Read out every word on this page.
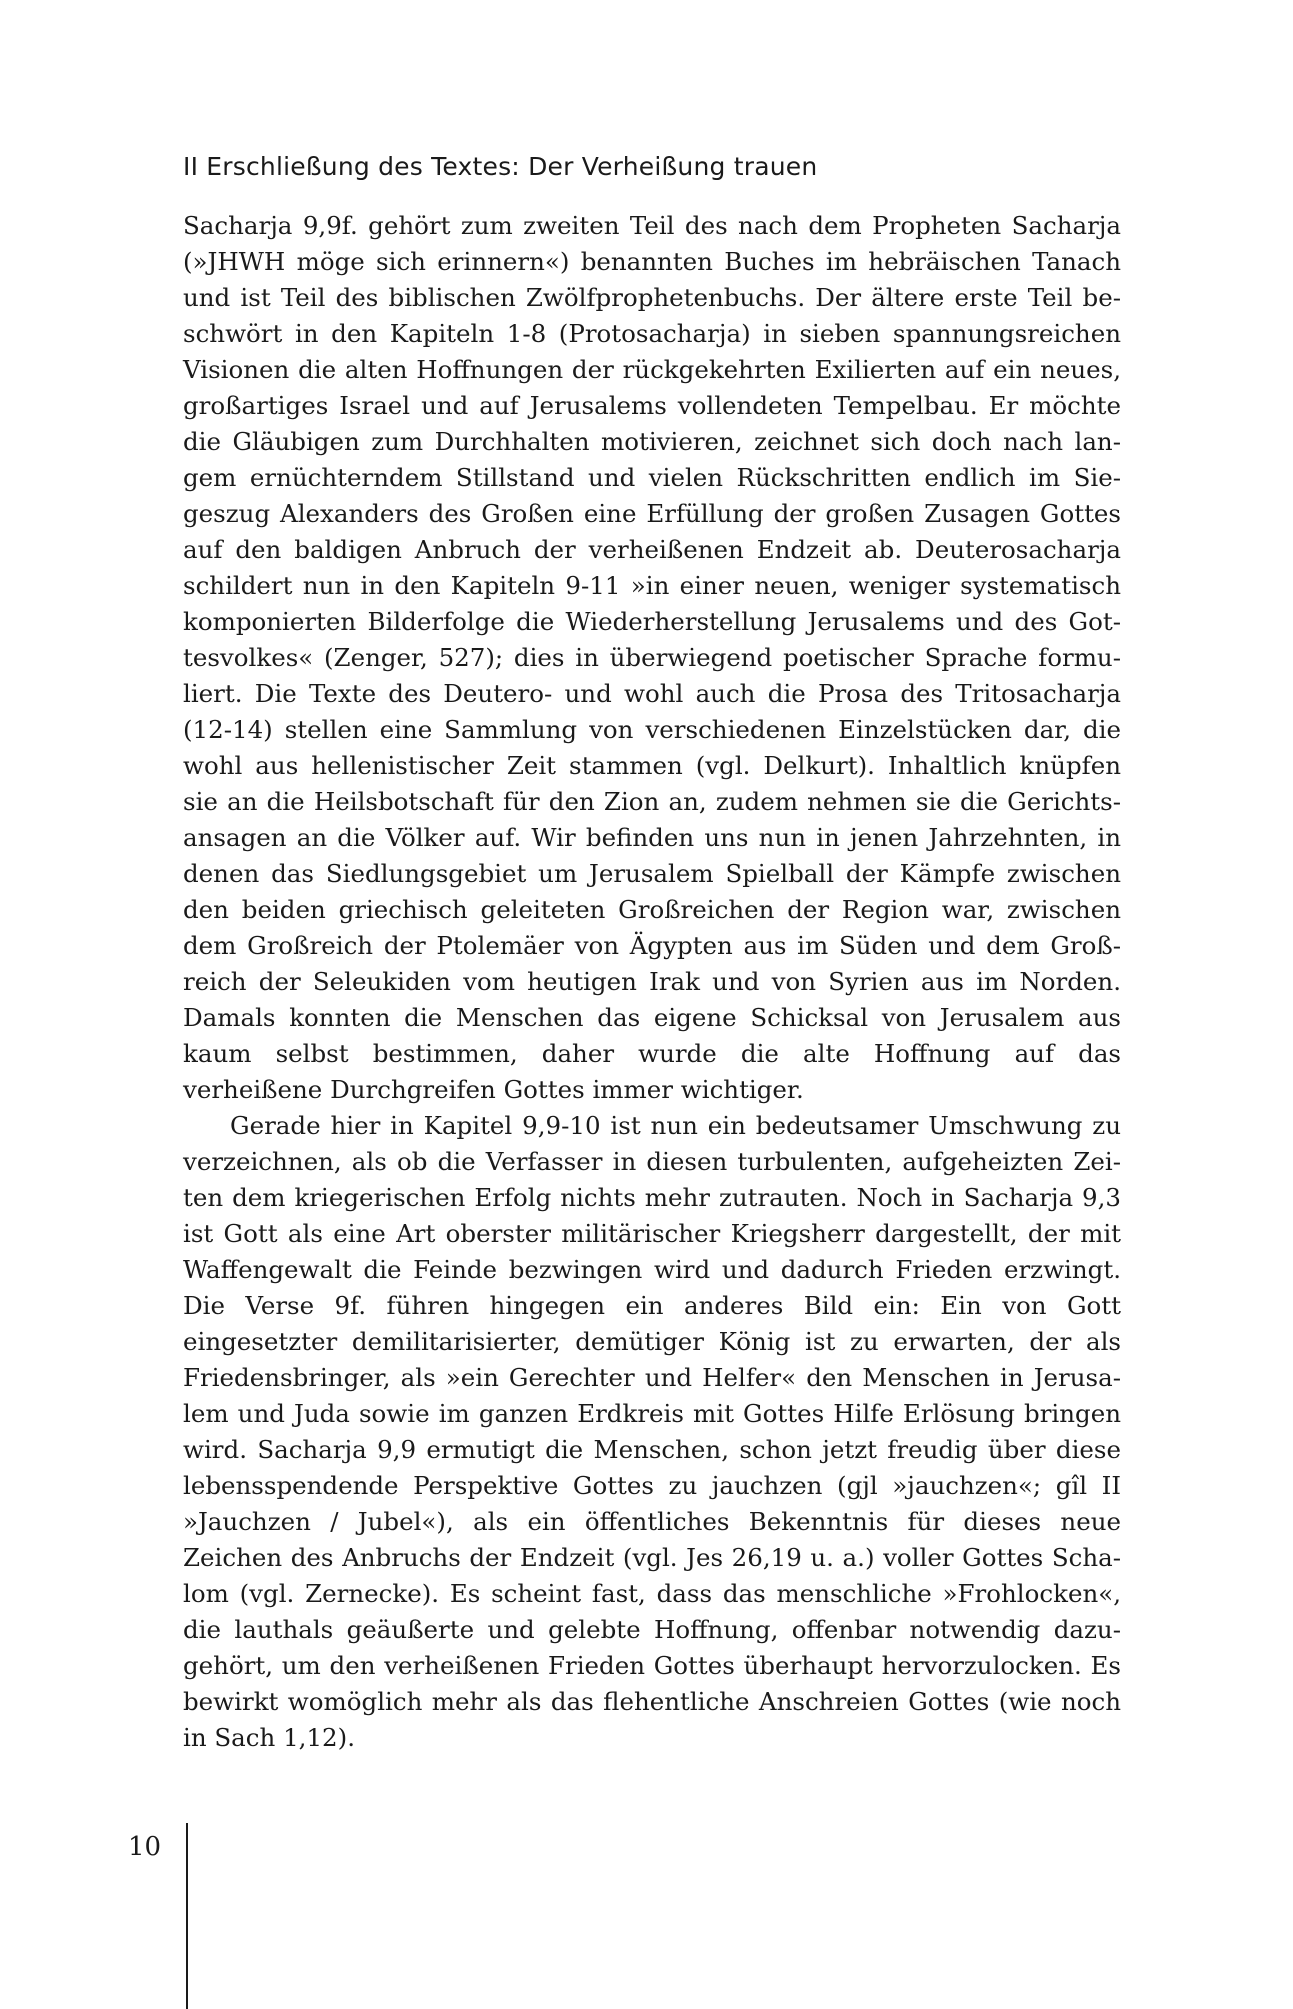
II Erschließung des Textes: Der Verheißung trauen

Sacharja 9,9f. gehört zum zweiten Teil des nach dem Propheten Sacharja (»JHWH möge sich erinnern«) benannten Buches im hebräischen Tanach und ist Teil des biblischen Zwölfprophetenbuchs. Der ältere erste Teil beschwört in den Kapiteln 1-8 (Protosacharja) in sieben spannungsreichen Visionen die alten Hoffnungen der rückgekehrten Exilierten auf ein neues, großartiges Israel und auf Jerusalems vollendeten Tempelbau. Er möchte die Gläubigen zum Durchhalten motivieren, zeichnet sich doch nach langem ernüchterndem Stillstand und vielen Rückschritten endlich im Siegeszug Alexanders des Großen eine Erfüllung der großen Zusagen Gottes auf den baldigen Anbruch der verheißenen Endzeit ab. Deuterosacharja schildert nun in den Kapiteln 9-11 »in einer neuen, weniger systematisch komponierten Bilderfolge die Wiederherstellung Jerusalems und des Gottesvolkes« (Zenger, 527); dies in überwiegend poetischer Sprache formuliert. Die Texte des Deutero- und wohl auch die Prosa des Tritosacharja (12-14) stellen eine Sammlung von verschiedenen Einzelstücken dar, die wohl aus hellenistischer Zeit stammen (vgl. Delkurt). Inhaltlich knüpfen sie an die Heilsbotschaft für den Zion an, zudem nehmen sie die Gerichtsansagen an die Völker auf. Wir befinden uns nun in jenen Jahrzehnten, in denen das Siedlungsgebiet um Jerusalem Spielball der Kämpfe zwischen den beiden griechisch geleiteten Großreichen der Region war, zwischen dem Großreich der Ptolemäer von Ägypten aus im Süden und dem Großreich der Seleukiden vom heutigen Irak und von Syrien aus im Norden. Damals konnten die Menschen das eigene Schicksal von Jerusalem aus kaum selbst bestimmen, daher wurde die alte Hoffnung auf das verheißene Durchgreifen Gottes immer wichtiger.

Gerade hier in Kapitel 9,9-10 ist nun ein bedeutsamer Umschwung zu verzeichnen, als ob die Verfasser in diesen turbulenten, aufgeheizten Zeiten dem kriegerischen Erfolg nichts mehr zutrauten. Noch in Sacharja 9,3 ist Gott als eine Art oberster militärischer Kriegsherr dargestellt, der mit Waffengewalt die Feinde bezwingen wird und dadurch Frieden erzwingt. Die Verse 9f. führen hingegen ein anderes Bild ein: Ein von Gott eingesetzter demilitarisierter, demütiger König ist zu erwarten, der als Friedensbringer, als »ein Gerechter und Helfer« den Menschen in Jerusalem und Juda sowie im ganzen Erdkreis mit Gottes Hilfe Erlösung bringen wird. Sacharja 9,9 ermutigt die Menschen, schon jetzt freudig über diese lebensspendende Perspektive Gottes zu jauchzen (gjl »jauchzen«; gîl II »Jauchzen / Jubel«), als ein öffentliches Bekenntnis für dieses neue Zeichen des Anbruchs der Endzeit (vgl. Jes 26,19 u. a.) voller Gottes Schalom (vgl. Zernecke). Es scheint fast, dass das menschliche »Frohlocken«, die lauthals geäußerte und gelebte Hoffnung, offenbar notwendig dazugehört, um den verheißenen Frieden Gottes überhaupt hervorzulocken. Es bewirkt womöglich mehr als das flehentliche Anschreien Gottes (wie noch in Sach 1,12).

10
